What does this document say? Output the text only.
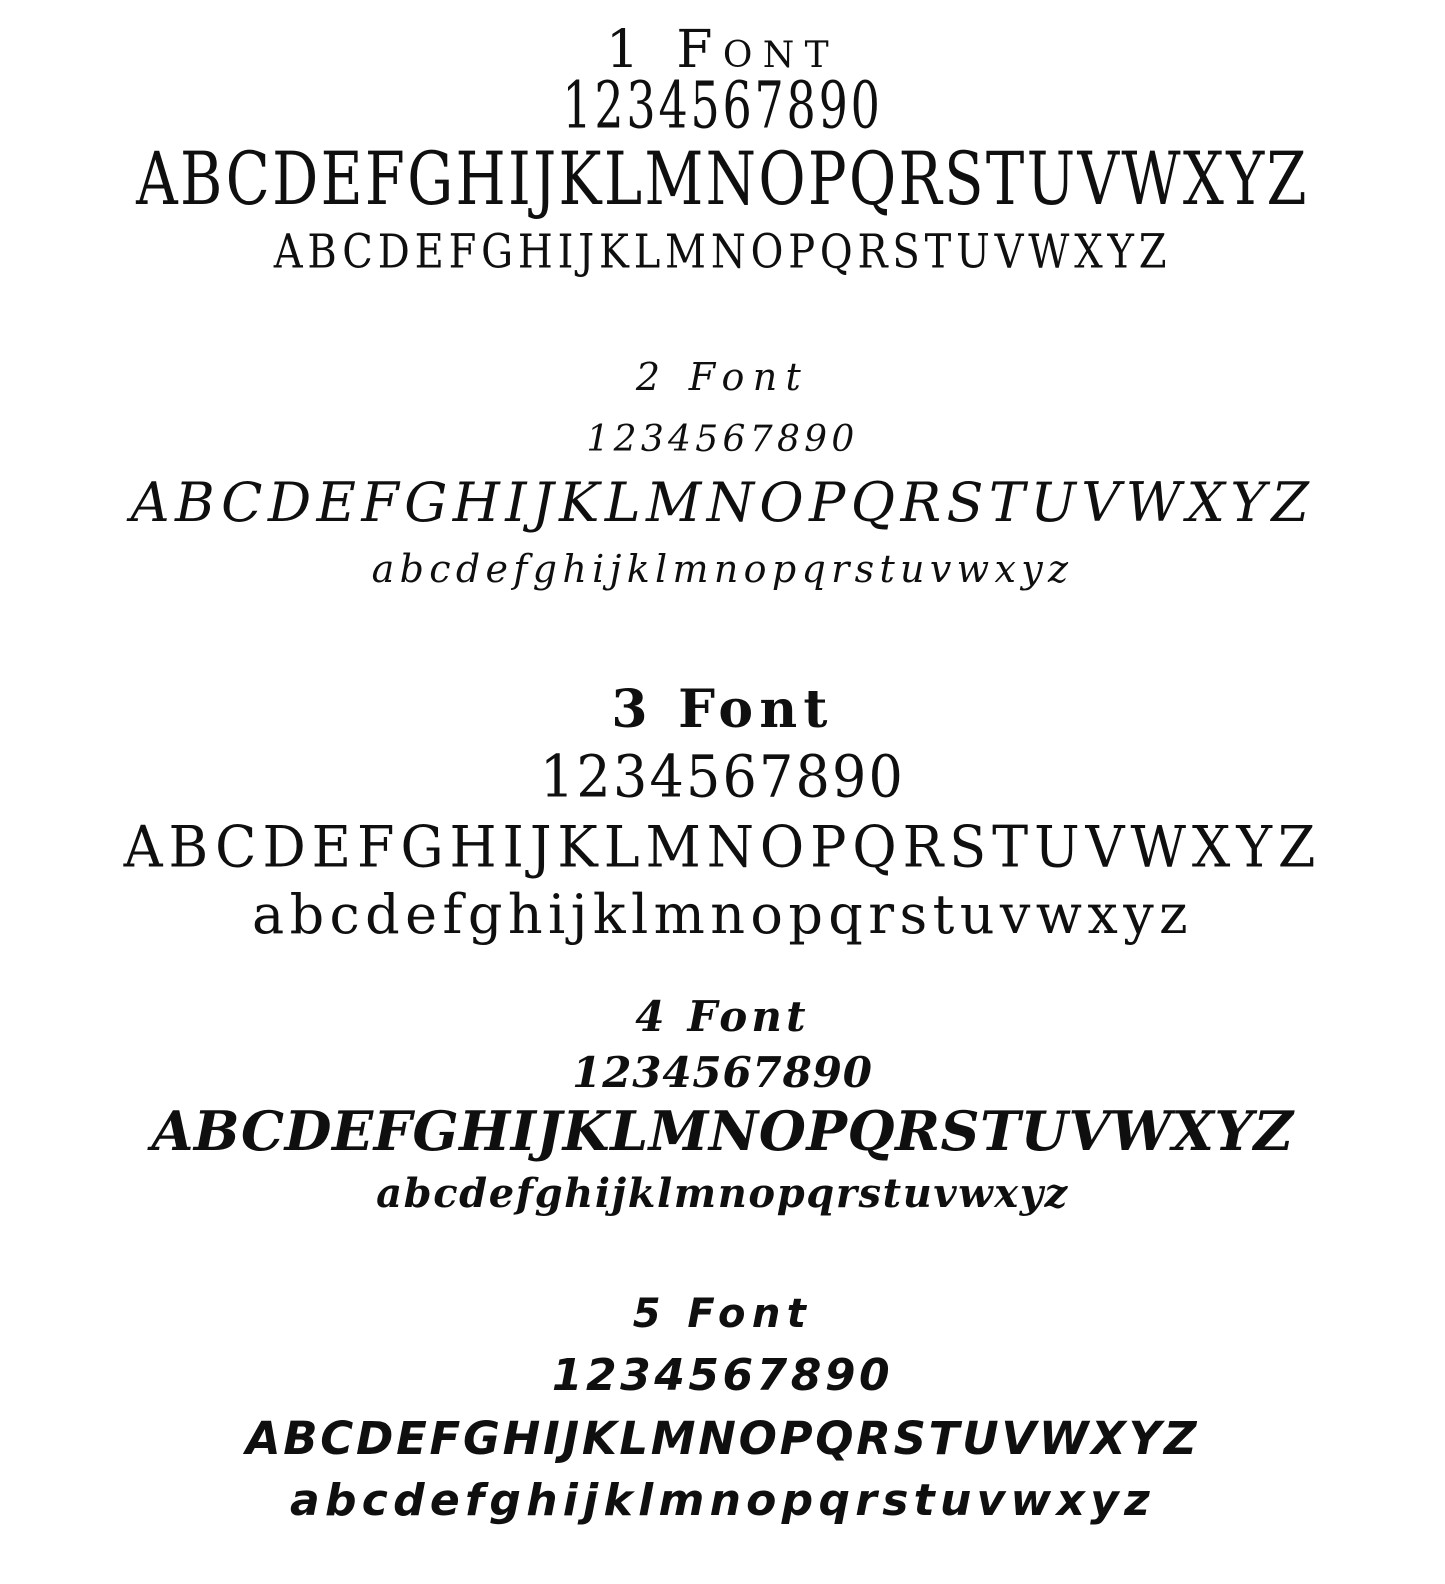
1 Font
1234567890
ABCDEFGHIJKLMNOPQRSTUVWXYZ
ABCDEFGHIJKLMNOPQRSTUVWXYZ
2 Font
1234567890
ABCDEFGHIJKLMNOPQRSTUVWXYZ
abcdefghijklmnopqrstuvwxyz
3 Font
1234567890
ABCDEFGHIJKLMNOPQRSTUVWXYZ
abcdefghijklmnopqrstuvwxyz
4 Font
1234567890
ABCDEFGHIJKLMNOPQRSTUVWXYZ
abcdefghijklmnopqrstuvwxyz
5 Font
1234567890
ABCDEFGHIJKLMNOPQRSTUVWXYZ
abcdefghijklmnopqrstuvwxyz
